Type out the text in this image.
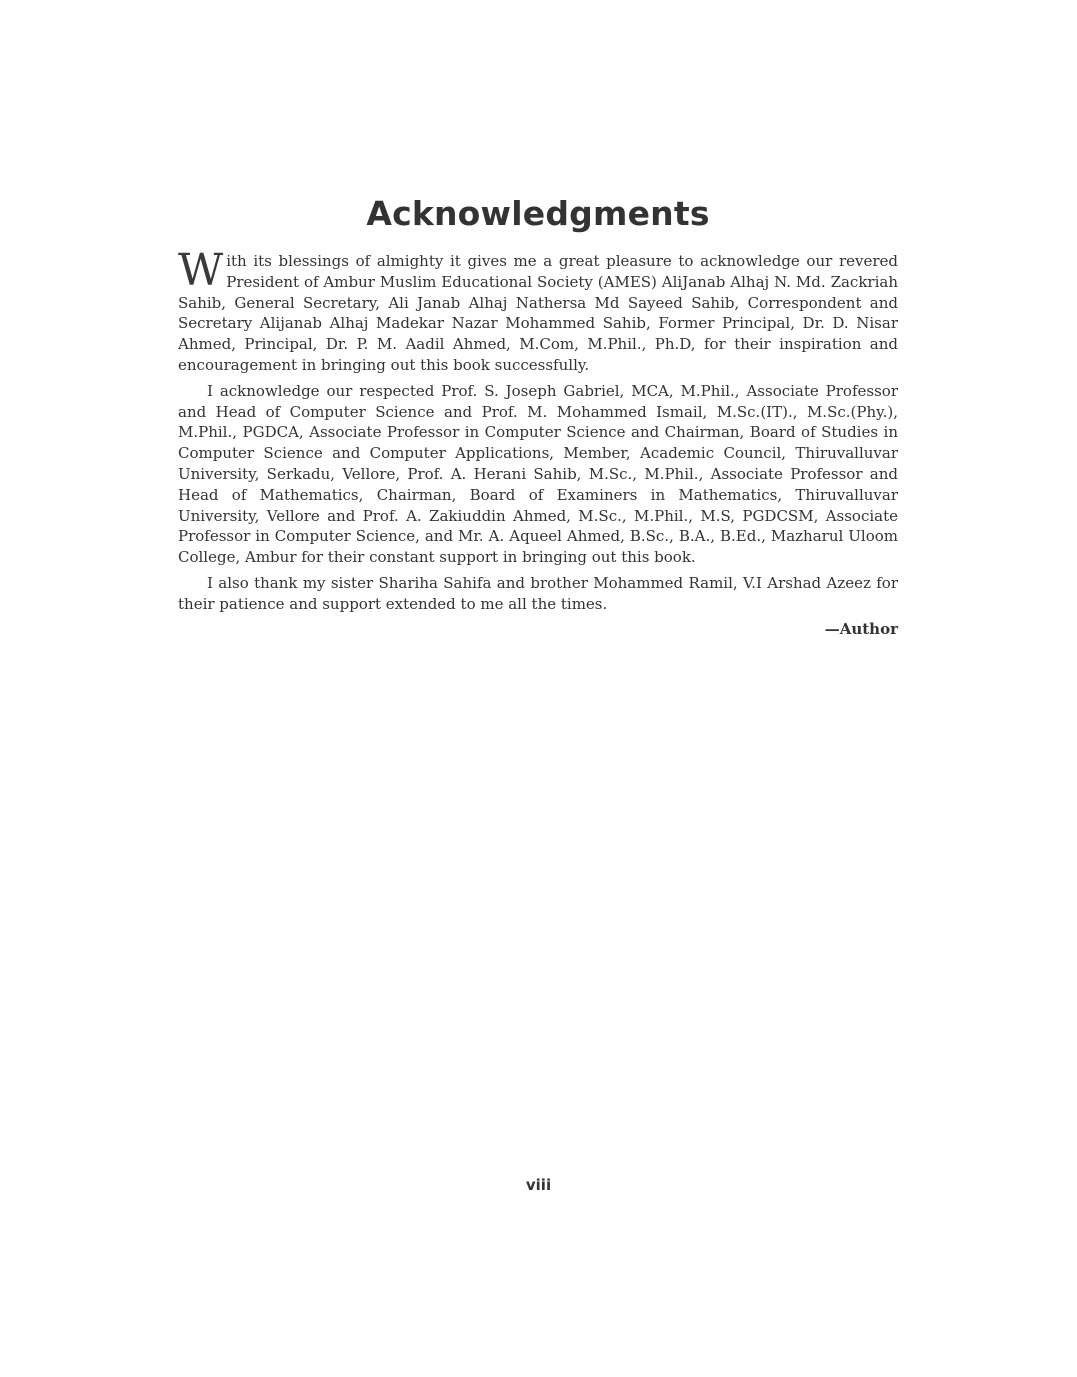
Acknowledgments

With its blessings of almighty it gives me a great pleasure to acknowledge our revered President of Ambur Muslim Educational Society (AMES) AliJanab Alhaj N. Md. Zackriah Sahib, General Secretary, Ali Janab Alhaj Nathersa Md Sayeed Sahib, Correspondent and Secretary Alijanab Alhaj Madekar Nazar Mohammed Sahib, Former Principal, Dr. D. Nisar Ahmed, Principal, Dr. P. M. Aadil Ahmed, M.Com, M.Phil., Ph.D, for their inspiration and encouragement in bringing out this book successfully.

I acknowledge our respected Prof. S. Joseph Gabriel, MCA, M.Phil., Associate Professor and Head of Computer Science and Prof. M. Mohammed Ismail, M.Sc.(IT)., M.Sc.(Phy.), M.Phil., PGDCA, Associate Professor in Computer Science and Chairman, Board of Studies in Computer Science and Computer Applications, Member, Academic Council, Thiruvalluvar University, Serkadu, Vellore, Prof. A. Herani Sahib, M.Sc., M.Phil., Associate Professor and Head of Mathematics, Chairman, Board of Examiners in Mathematics, Thiruvalluvar University, Vellore and Prof. A. Zakiuddin Ahmed, M.Sc., M.Phil., M.S, PGDCSM, Associate Professor in Computer Science, and Mr. A. Aqueel Ahmed, B.Sc., B.A., B.Ed., Mazharul Uloom College, Ambur for their constant support in bringing out this book.

I also thank my sister Shariha Sahifa and brother Mohammed Ramil, V.I Arshad Azeez for their patience and support extended to me all the times.

—Author
viii
